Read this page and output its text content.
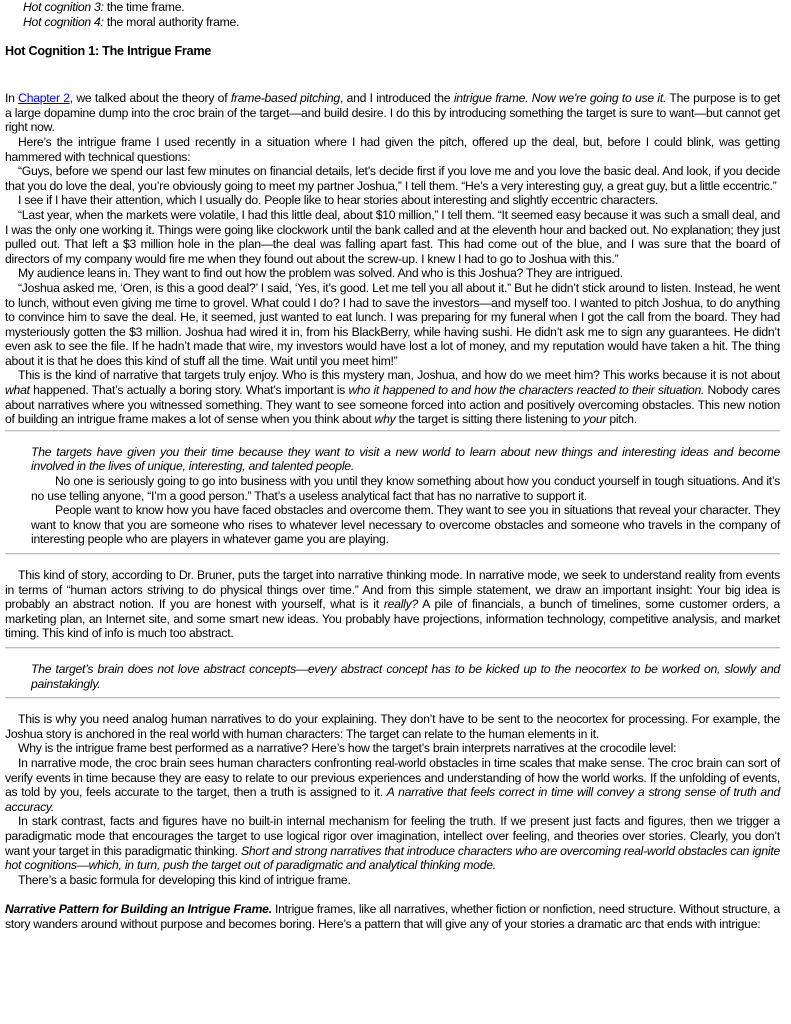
Hot cognition 3: the time frame.

Hot cognition 4: the moral authority frame.

Hot Cognition 1: The Intrigue Frame

In Chapter 2, we talked about the theory of frame-based pitching, and I introduced the intrigue frame. Now we're going to use it. The purpose is to get a large dopamine dump into the croc brain of the target—and build desire. I do this by introducing something the target is sure to want—but cannot get right now.

Here’s the intrigue frame I used recently in a situation where I had given the pitch, offered up the deal, but, before I could blink, was getting hammered with technical questions:

“Guys, before we spend our last few minutes on financial details, let’s decide first if you love me and you love the basic deal. And look, if you decide that you do love the deal, you’re obviously going to meet my partner Joshua,” I tell them. “He’s a very interesting guy, a great guy, but a little eccentric.”

I see if I have their attention, which I usually do. People like to hear stories about interesting and slightly eccentric characters.

“Last year, when the markets were volatile, I had this little deal, about $10 million,” I tell them. “It seemed easy because it was such a small deal, and I was the only one working it. Things were going like clockwork until the bank called and at the eleventh hour and backed out. No explanation; they just pulled out. That left a $3 million hole in the plan—the deal was falling apart fast. This had come out of the blue, and I was sure that the board of directors of my company would fire me when they found out about the screw-up. I knew I had to go to Joshua with this.”

My audience leans in. They want to find out how the problem was solved. And who is this Joshua? They are intrigued.

“Joshua asked me, ‘Oren, is this a good deal?’ I said, ‘Yes, it’s good. Let me tell you all about it.” But he didn’t stick around to listen. Instead, he went to lunch, without even giving me time to grovel. What could I do? I had to save the investors—and myself too. I wanted to pitch Joshua, to do anything to convince him to save the deal. He, it seemed, just wanted to eat lunch. I was preparing for my funeral when I got the call from the board. They had mysteriously gotten the $3 million. Joshua had wired it in, from his BlackBerry, while having sushi. He didn’t ask me to sign any guarantees. He didn’t even ask to see the file. If he hadn’t made that wire, my investors would have lost a lot of money, and my reputation would have taken a hit. The thing about it is that he does this kind of stuff all the time. Wait until you meet him!”

This is the kind of narrative that targets truly enjoy. Who is this mystery man, Joshua, and how do we meet him? This works because it is not about what happened. That’s actually a boring story. What’s important is who it happened to and how the characters reacted to their situation. Nobody cares about narratives where you witnessed something. They want to see someone forced into action and positively overcoming obstacles. This new notion of building an intrigue frame makes a lot of sense when you think about why the target is sitting there listening to your pitch.

The targets have given you their time because they want to visit a new world to learn about new things and interesting ideas and become involved in the lives of unique, interesting, and talented people.

No one is seriously going to go into business with you until they know something about how you conduct yourself in tough situations. And it’s no use telling anyone, “I’m a good person.” That’s a useless analytical fact that has no narrative to support it.

People want to know how you have faced obstacles and overcome them. They want to see you in situations that reveal your character. They want to know that you are someone who rises to whatever level necessary to overcome obstacles and someone who travels in the company of interesting people who are players in whatever game you are playing.

This kind of story, according to Dr. Bruner, puts the target into narrative thinking mode. In narrative mode, we seek to understand reality from events in terms of “human actors striving to do physical things over time.” And from this simple statement, we draw an important insight: Your big idea is probably an abstract notion. If you are honest with yourself, what is it really? A pile of financials, a bunch of timelines, some customer orders, a marketing plan, an Internet site, and some smart new ideas. You probably have projections, information technology, competitive analysis, and market timing. This kind of info is much too abstract.

The target’s brain does not love abstract concepts—every abstract concept has to be kicked up to the neocortex to be worked on, slowly and painstakingly.

This is why you need analog human narratives to do your explaining. They don’t have to be sent to the neocortex for processing. For example, the Joshua story is anchored in the real world with human characters: The target can relate to the human elements in it.

Why is the intrigue frame best performed as a narrative? Here’s how the target’s brain interprets narratives at the crocodile level:

In narrative mode, the croc brain sees human characters confronting real-world obstacles in time scales that make sense. The croc brain can sort of verify events in time because they are easy to relate to our previous experiences and understanding of how the world works. If the unfolding of events, as told by you, feels accurate to the target, then a truth is assigned to it. A narrative that feels correct in time will convey a strong sense of truth and accuracy.

In stark contrast, facts and figures have no built-in internal mechanism for feeling the truth. If we present just facts and figures, then we trigger a paradigmatic mode that encourages the target to use logical rigor over imagination, intellect over feeling, and theories over stories. Clearly, you don’t want your target in this paradigmatic thinking. Short and strong narratives that introduce characters who are overcoming real-world obstacles can ignite hot cognitions—which, in turn, push the target out of paradigmatic and analytical thinking mode.

There’s a basic formula for developing this kind of intrigue frame.

Narrative Pattern for Building an Intrigue Frame. Intrigue frames, like all narratives, whether fiction or nonfiction, need structure. Without structure, a story wanders around without purpose and becomes boring. Here’s a pattern that will give any of your stories a dramatic arc that ends with intrigue:
